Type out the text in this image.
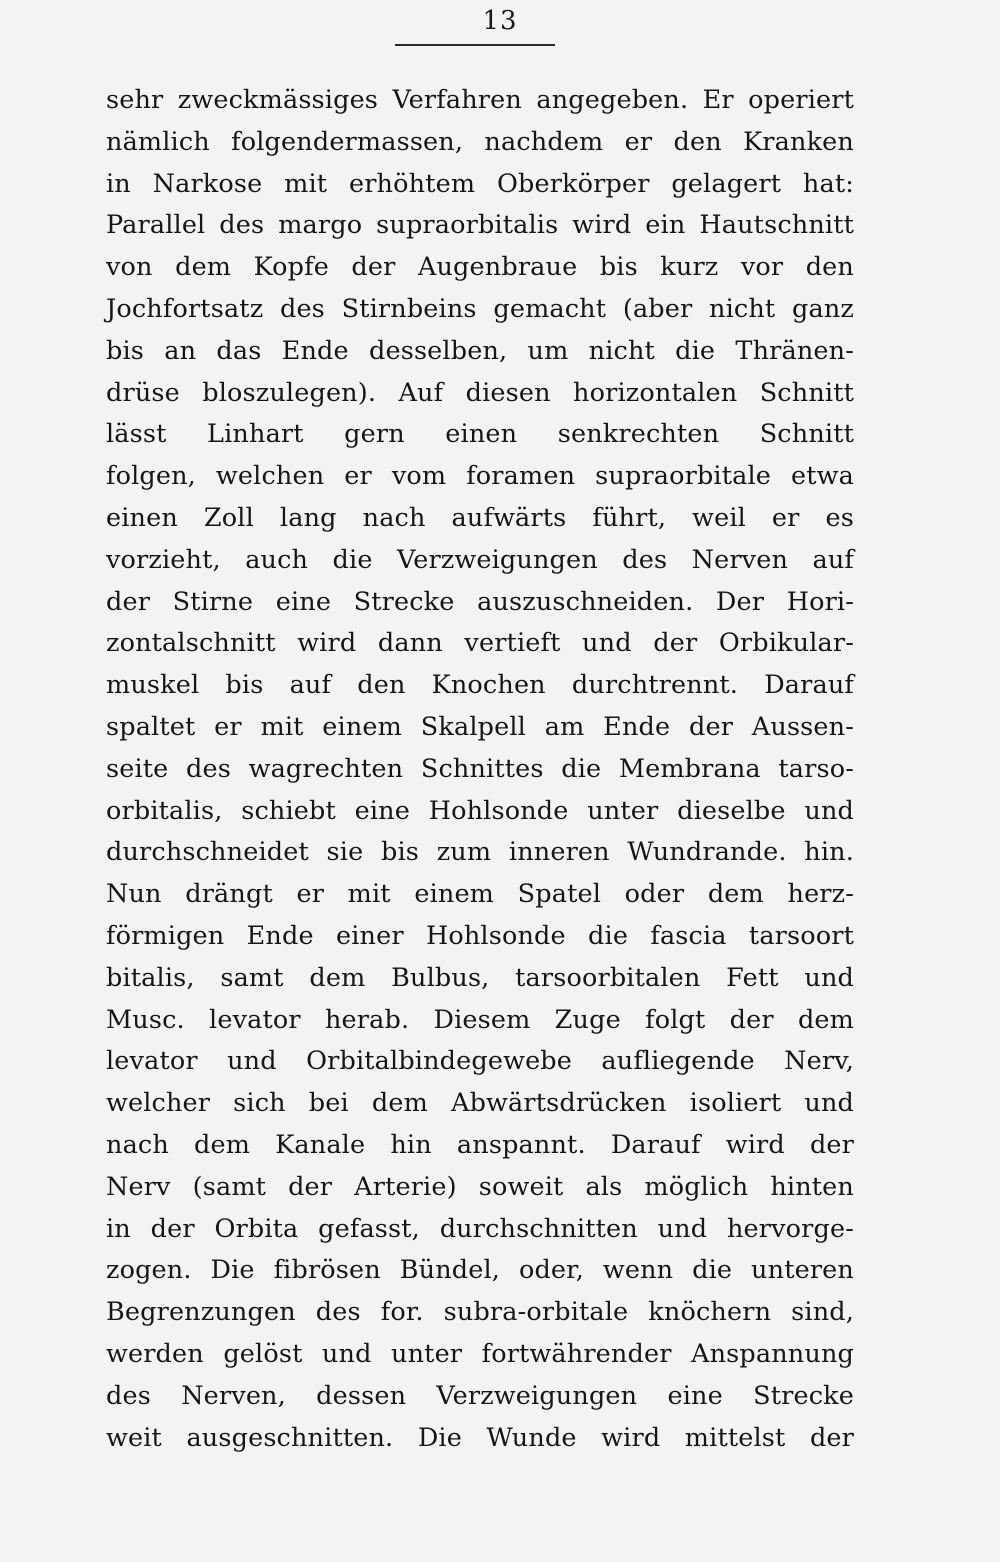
13
sehr zweckmässiges Verfahren angegeben. Er operiert
nämlich folgendermassen, nachdem er den Kranken
in Narkose mit erhöhtem Oberkörper gelagert hat:
Parallel des margo supraorbitalis wird ein Hautschnitt
von dem Kopfe der Augenbraue bis kurz vor den
Jochfortsatz des Stirnbeins gemacht (aber nicht ganz
bis an das Ende desselben, um nicht die Thränen-
drüse bloszulegen). Auf diesen horizontalen Schnitt
lässt Linhart gern einen senkrechten Schnitt
folgen, welchen er vom foramen supraorbitale etwa
einen Zoll lang nach aufwärts führt, weil er es
vorzieht, auch die Verzweigungen des Nerven auf
der Stirne eine Strecke auszuschneiden. Der Hori-
zontalschnitt wird dann vertieft und der Orbikular-
muskel bis auf den Knochen durchtrennt. Darauf
spaltet er mit einem Skalpell am Ende der Aussen-
seite des wagrechten Schnittes die Membrana tarso-
orbitalis, schiebt eine Hohlsonde unter dieselbe und
durchschneidet sie bis zum inneren Wundrande. hin.
Nun drängt er mit einem Spatel oder dem herz-
förmigen Ende einer Hohlsonde die fascia tarsoort
bitalis, samt dem Bulbus, tarsoorbitalen Fett und
Musc. levator herab. Diesem Zuge folgt der dem
levator und Orbitalbindegewebe aufliegende Nerv,
welcher sich bei dem Abwärtsdrücken isoliert und
nach dem Kanale hin anspannt. Darauf wird der
Nerv (samt der Arterie) soweit als möglich hinten
in der Orbita gefasst, durchschnitten und hervorge-
zogen. Die fibrösen Bündel, oder, wenn die unteren
Begrenzungen des for. subra-orbitale knöchern sind,
werden gelöst und unter fortwährender Anspannung
des Nerven, dessen Verzweigungen eine Strecke
weit ausgeschnitten. Die Wunde wird mittelst der
